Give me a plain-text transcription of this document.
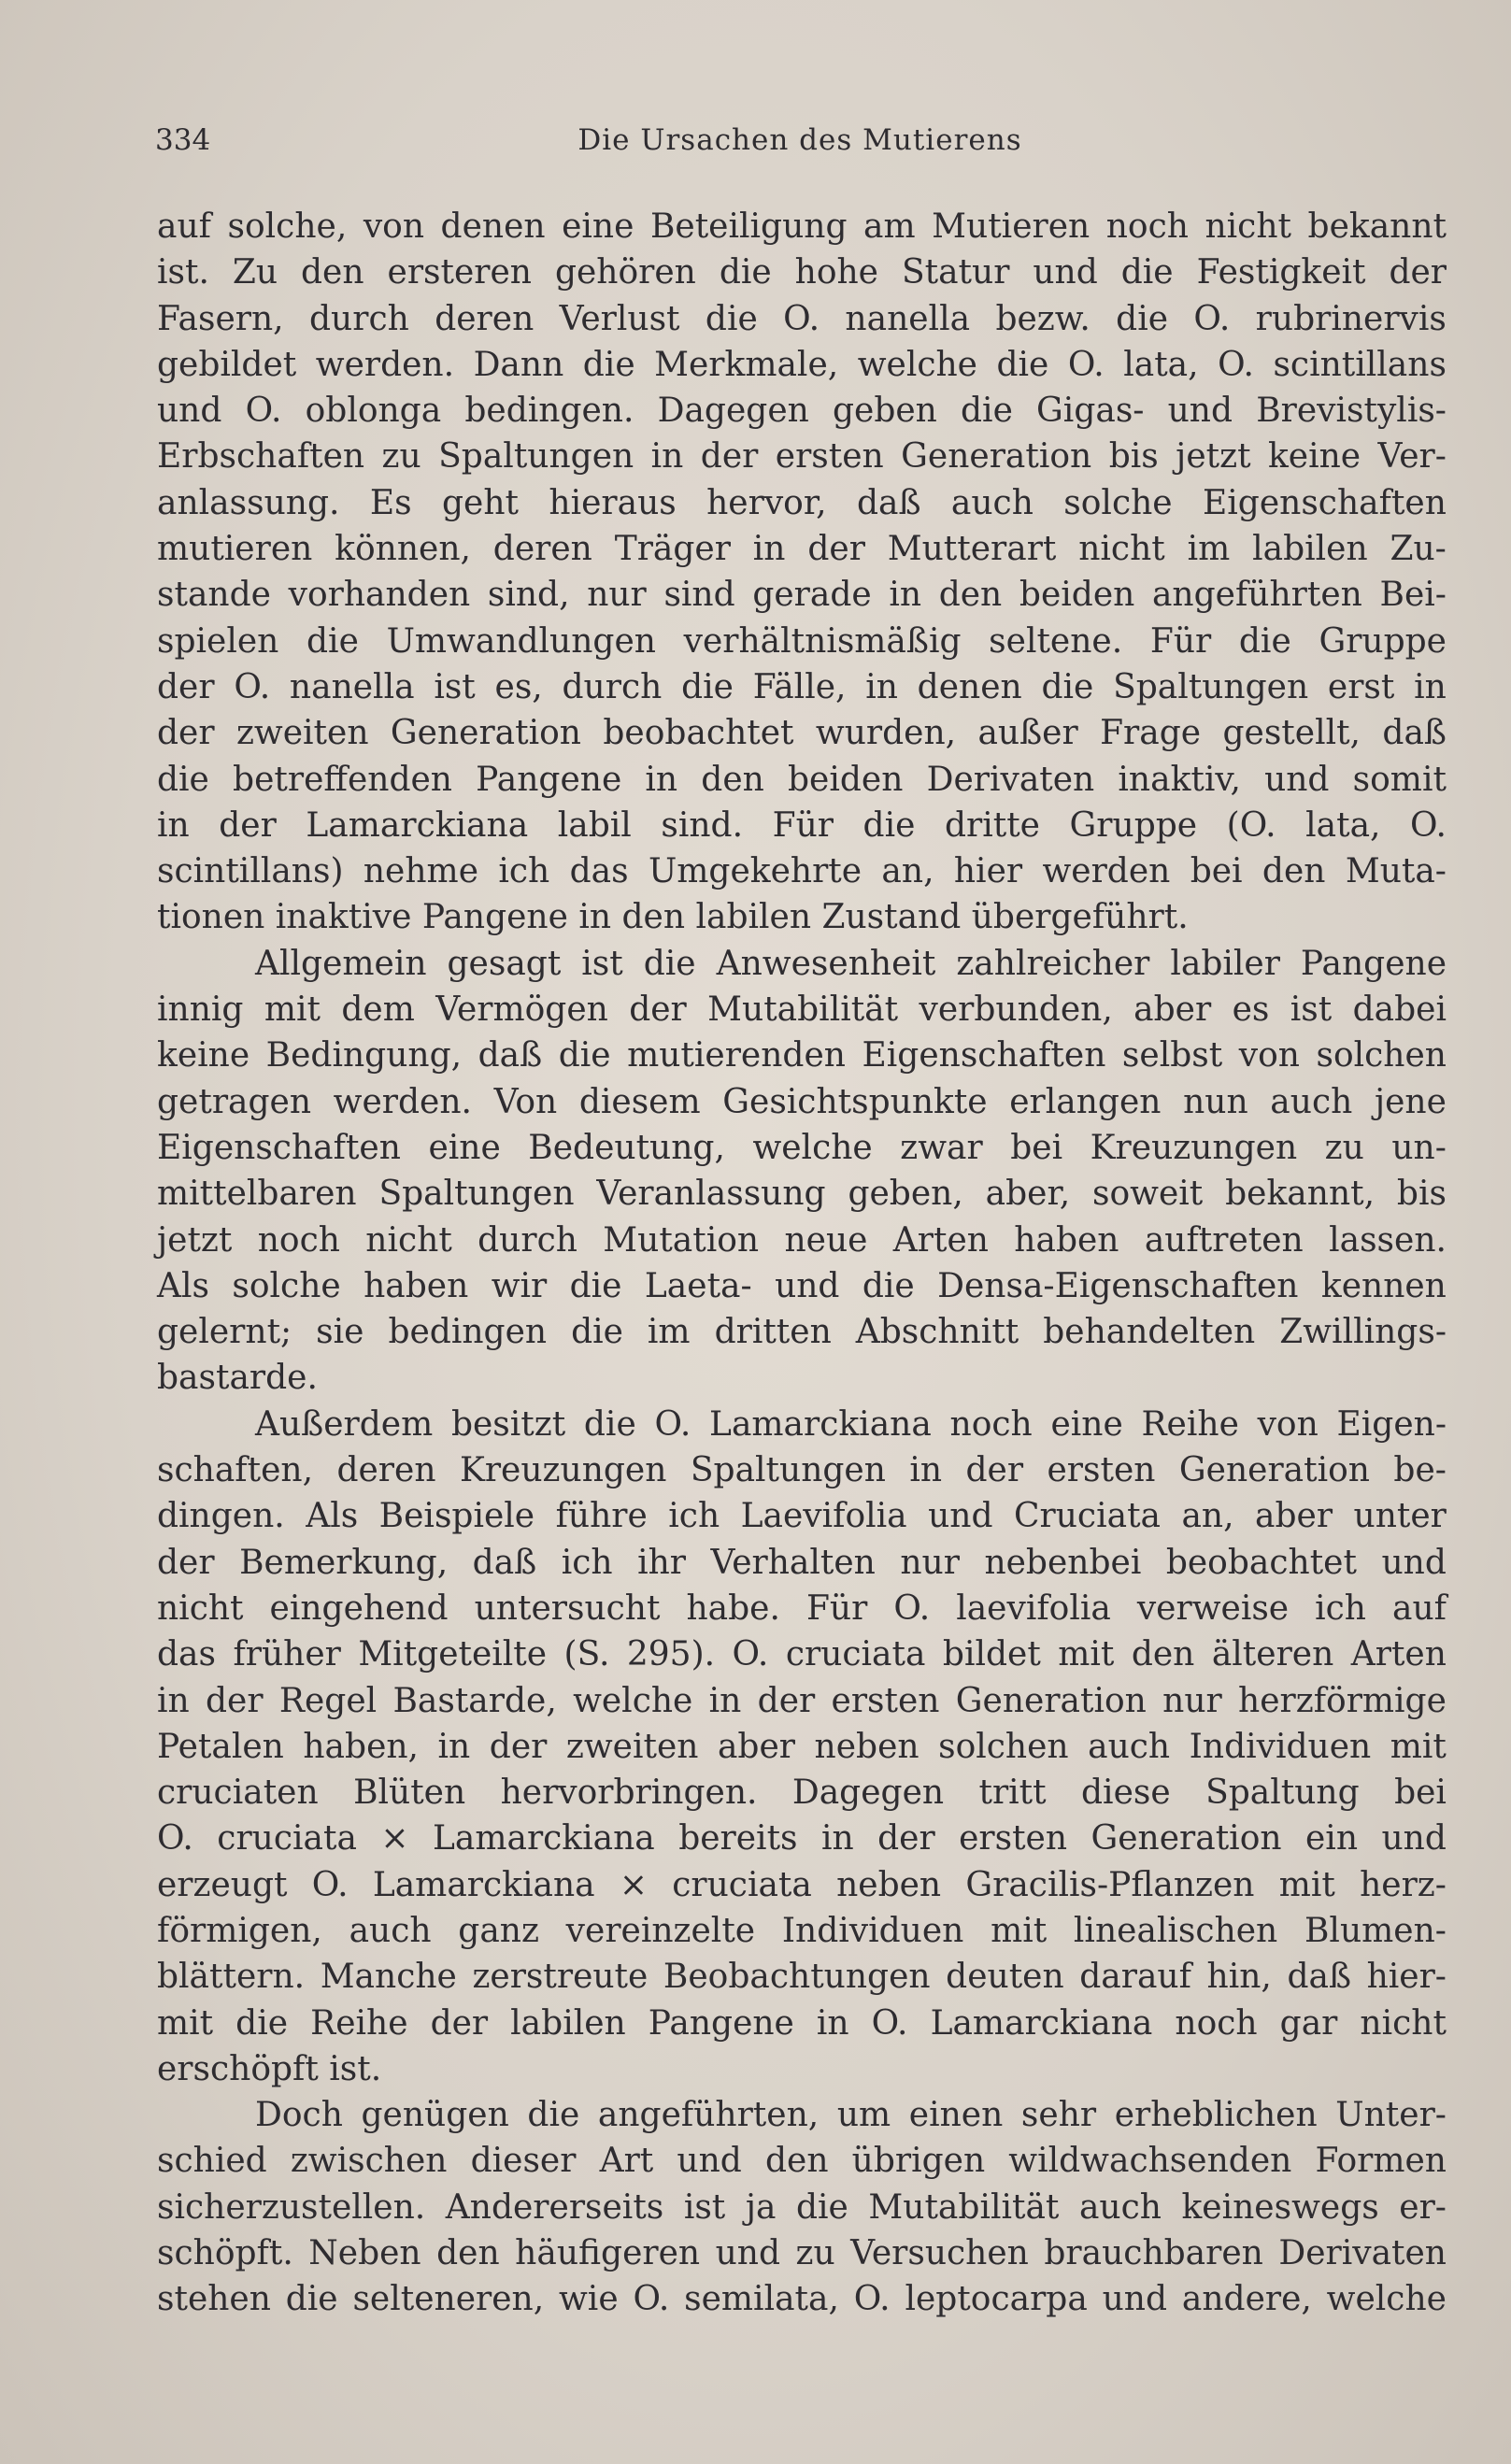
334	Die Ursachen des Mutierens
auf solche, von denen eine Beteiligung am Mutieren noch nicht bekannt
ist. Zu den ersteren gehören die hohe Statur und die Festigkeit der
Fasern, durch deren Verlust die O. nanella bezw. die O. rubrinervis
gebildet werden. Dann die Merkmale, welche die O. lata, O. scintillans
und O. oblonga bedingen. Dagegen geben die Gigas- und Brevistylis-
Erbschaften zu Spaltungen in der ersten Generation bis jetzt keine Ver-
anlassung. Es geht hieraus hervor, daß auch solche Eigenschaften
mutieren können, deren Träger in der Mutterart nicht im labilen Zu-
stande vorhanden sind, nur sind gerade in den beiden angeführten Bei-
spielen die Umwandlungen verhältnismäßig seltene. Für die Gruppe
der O. nanella ist es, durch die Fälle, in denen die Spaltungen erst in
der zweiten Generation beobachtet wurden, außer Frage gestellt, daß
die betreffenden Pangene in den beiden Derivaten inaktiv, und somit
in der Lamarckiana labil sind. Für die dritte Gruppe (O. lata, O.
scintillans) nehme ich das Umgekehrte an, hier werden bei den Muta-
tionen inaktive Pangene in den labilen Zustand übergeführt.
Allgemein gesagt ist die Anwesenheit zahlreicher labiler Pangene
innig mit dem Vermögen der Mutabilität verbunden, aber es ist dabei
keine Bedingung, daß die mutierenden Eigenschaften selbst von solchen
getragen werden. Von diesem Gesichtspunkte erlangen nun auch jene
Eigenschaften eine Bedeutung, welche zwar bei Kreuzungen zu un-
mittelbaren Spaltungen Veranlassung geben, aber, soweit bekannt, bis
jetzt noch nicht durch Mutation neue Arten haben auftreten lassen.
Als solche haben wir die Laeta- und die Densa-Eigenschaften kennen
gelernt; sie bedingen die im dritten Abschnitt behandelten Zwillings-
bastarde.
Außerdem besitzt die O. Lamarckiana noch eine Reihe von Eigen-
schaften, deren Kreuzungen Spaltungen in der ersten Generation be-
dingen. Als Beispiele führe ich Laevifolia und Cruciata an, aber unter
der Bemerkung, daß ich ihr Verhalten nur nebenbei beobachtet und
nicht eingehend untersucht habe. Für O. laevifolia verweise ich auf
das früher Mitgeteilte (S. 295). O. cruciata bildet mit den älteren Arten
in der Regel Bastarde, welche in der ersten Generation nur herzförmige
Petalen haben, in der zweiten aber neben solchen auch Individuen mit
cruciaten Blüten hervorbringen. Dagegen tritt diese Spaltung bei
O. cruciata × Lamarckiana bereits in der ersten Generation ein und
erzeugt O. Lamarckiana × cruciata neben Gracilis-Pflanzen mit herz-
förmigen, auch ganz vereinzelte Individuen mit linealischen Blumen-
blättern. Manche zerstreute Beobachtungen deuten darauf hin, daß hier-
mit die Reihe der labilen Pangene in O. Lamarckiana noch gar nicht
erschöpft ist.
Doch genügen die angeführten, um einen sehr erheblichen Unter-
schied zwischen dieser Art und den übrigen wildwachsenden Formen
sicherzustellen. Andererseits ist ja die Mutabilität auch keineswegs er-
schöpft. Neben den häufigeren und zu Versuchen brauchbaren Derivaten
stehen die selteneren, wie O. semilata, O. leptocarpa und andere, welche
